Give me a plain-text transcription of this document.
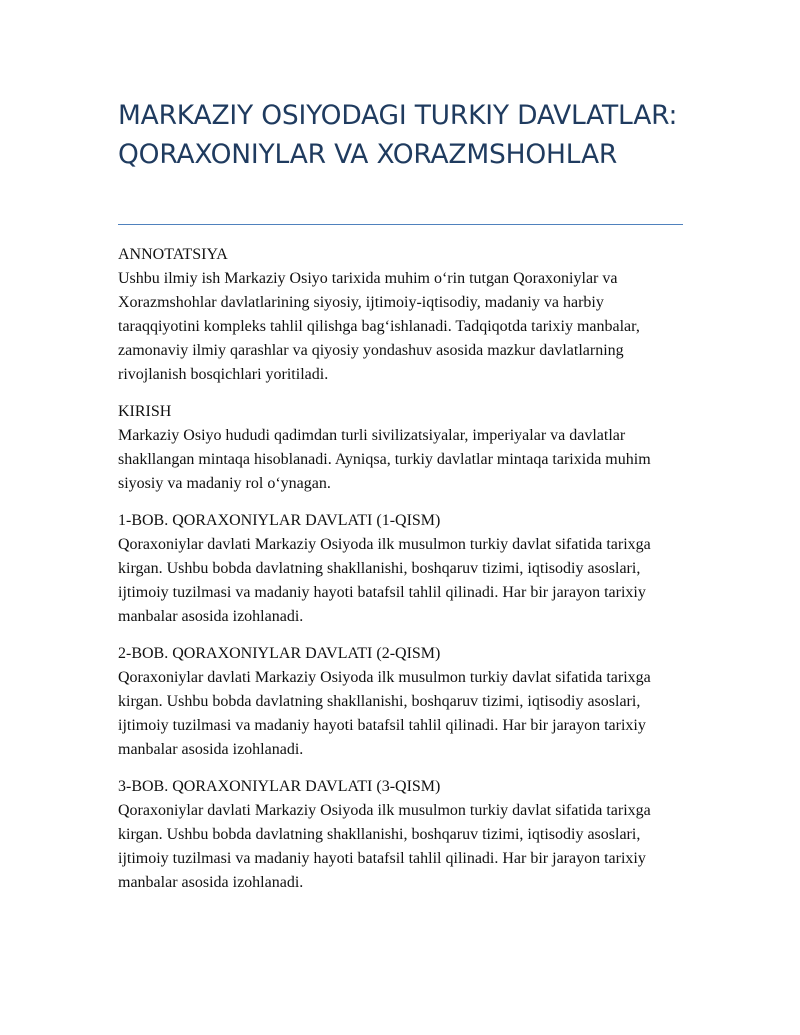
MARKAZIY OSIYODAGI TURKIY DAVLATLAR: QORAXONIYLAR VA XORAZMSHOHLAR

ANNOTATSIYA

Ushbu ilmiy ish Markaziy Osiyo tarixida muhim o‘rin tutgan Qoraxoniylar va Xorazmshohlar davlatlarining siyosiy, ijtimoiy-iqtisodiy, madaniy va harbiy taraqqiyotini kompleks tahlil qilishga bag‘ishlanadi. Tadqiqotda tarixiy manbalar, zamonaviy ilmiy qarashlar va qiyosiy yondashuv asosida mazkur davlatlarning rivojlanish bosqichlari yoritiladi.

KIRISH

Markaziy Osiyo hududi qadimdan turli sivilizatsiyalar, imperiyalar va davlatlar shakllangan mintaqa hisoblanadi. Ayniqsa, turkiy davlatlar mintaqa tarixida muhim siyosiy va madaniy rol o‘ynagan.

1-BOB. QORAXONIYLAR DAVLATI (1-QISM)

Qoraxoniylar davlati Markaziy Osiyoda ilk musulmon turkiy davlat sifatida tarixga kirgan. Ushbu bobda davlatning shakllanishi, boshqaruv tizimi, iqtisodiy asoslari, ijtimoiy tuzilmasi va madaniy hayoti batafsil tahlil qilinadi. Har bir jarayon tarixiy manbalar asosida izohlanadi.

2-BOB. QORAXONIYLAR DAVLATI (2-QISM)

Qoraxoniylar davlati Markaziy Osiyoda ilk musulmon turkiy davlat sifatida tarixga kirgan. Ushbu bobda davlatning shakllanishi, boshqaruv tizimi, iqtisodiy asoslari, ijtimoiy tuzilmasi va madaniy hayoti batafsil tahlil qilinadi. Har bir jarayon tarixiy manbalar asosida izohlanadi.

3-BOB. QORAXONIYLAR DAVLATI (3-QISM)

Qoraxoniylar davlati Markaziy Osiyoda ilk musulmon turkiy davlat sifatida tarixga kirgan. Ushbu bobda davlatning shakllanishi, boshqaruv tizimi, iqtisodiy asoslari, ijtimoiy tuzilmasi va madaniy hayoti batafsil tahlil qilinadi. Har bir jarayon tarixiy manbalar asosida izohlanadi.
